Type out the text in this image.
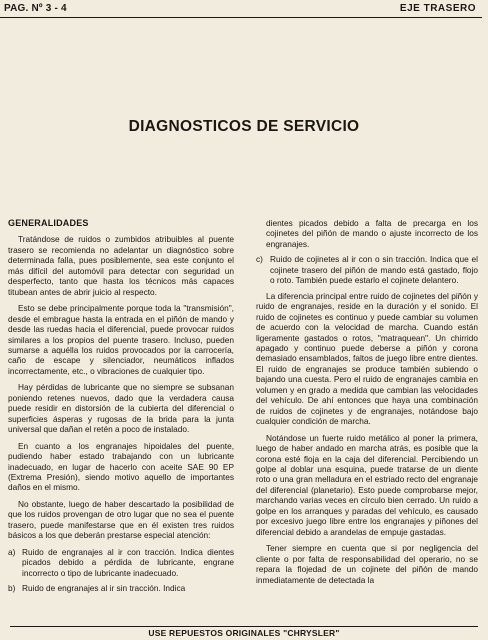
PAG. Nº 3 - 4	EJE TRASERO
DIAGNOSTICOS DE SERVICIO
GENERALIDADES

Tratándose de ruidos o zumbidos atribuibles al puente trasero se recomienda no adelantar un diagnóstico sobre determinada falla, pues posiblemente, sea este conjunto el más difícil del automóvil para detectar con seguridad un desperfecto, tanto que hasta los técnicos más capaces titubean antes de abrir juicio al respecto.

Esto se debe principalmente porque toda la "transmisión", desde el embrague hasta la entrada en el piñón de mando y desde las ruedas hacia el diferencial, puede provocar ruidos similares a los propios del puente trasero. Incluso, pueden sumarse a aquélla los ruidos provocados por la carrocería, caño de escape y silenciador, neumáticos inflados incorrectamente, etc., o vibraciones de cualquier tipo.

Hay pérdidas de lubricante que no siempre se subsanan poniendo retenes nuevos, dado que la verdadera causa puede residir en distorsión de la cubierta del diferencial o superficies ásperas y rugosas de la brida para la junta universal que dañan el retén a poco de instalado.

En cuanto a los engranajes hipoidales del puente, pudiendo haber estado trabajando con un lubricante inadecuado, en lugar de hacerlo con aceite SAE 90 EP (Extrema Presión), siendo motivo aquello de importantes daños en el mismo.

No obstante, luego de haber descartado la posibilidad de que los ruidos provengan de otro lugar que no sea el puente trasero, puede manifestarse que en él existen tres ruidos básicos a los que deberán prestarse especial atención:

a) Ruido de engranajes al ir con tracción. Indica dientes picados debido a pérdida de lubricante, engrane incorrecto o tipo de lubricante inadecuado.
b) Ruido de engranajes al ir sin tracción. Indica
dientes picados debido a falta de precarga en los cojinetes del piñón de mando o ajuste incorrecto de los engranajes.
c) Ruido de cojinetes al ir con o sin tracción. Indica que el cojinete trasero del piñón de mando está gastado, flojo o roto. También puede estarlo el cojinete delantero.

La diferencia principal entre ruido de cojinetes del piñón y ruido de engranajes, reside en la duración y el sonido. El ruido de cojinetes es continuo y puede cambiar su volumen de acuerdo con la velocidad de marcha. Cuando están ligeramente gastados o rotos, "matraquean". Un chirrido apagado y continuo puede deberse a piñón y corona demasiado ensamblados, faltos de juego libre entre dientes. El ruido de engranajes se produce también subiendo o bajando una cuesta. Pero el ruido de engranajes cambia en volumen y en grado a medida que cambian las velocidades del vehículo. De ahí entonces que haya una combinación de ruidos de cojinetes y de engranajes, notándose bajo cualquier condición de marcha.

Notándose un fuerte ruido metálico al poner la primera, luego de haber andado en marcha atrás, es posible que la corona esté floja en la caja del diferencial. Percibiendo un golpe al doblar una esquina, puede tratarse de un diente roto o una gran melladura en el estriado recto del engranaje del diferencial (planetario). Esto puede comprobarse mejor, marchando varias veces en círculo bien cerrado. Un ruido a golpe en los arranques y paradas del vehículo, es causado por excesivo juego libre entre los engranajes y piñones del diferencial debido a arandelas de empuje gastadas.

Tener siempre en cuenta que si por negligencia del cliente o por falta de responsabilidad del operario, no se repara la flojedad de un cojinete del piñón de mando inmediatamente de detectada la

USE REPUESTOS ORIGINALES "CHRYSLER"
